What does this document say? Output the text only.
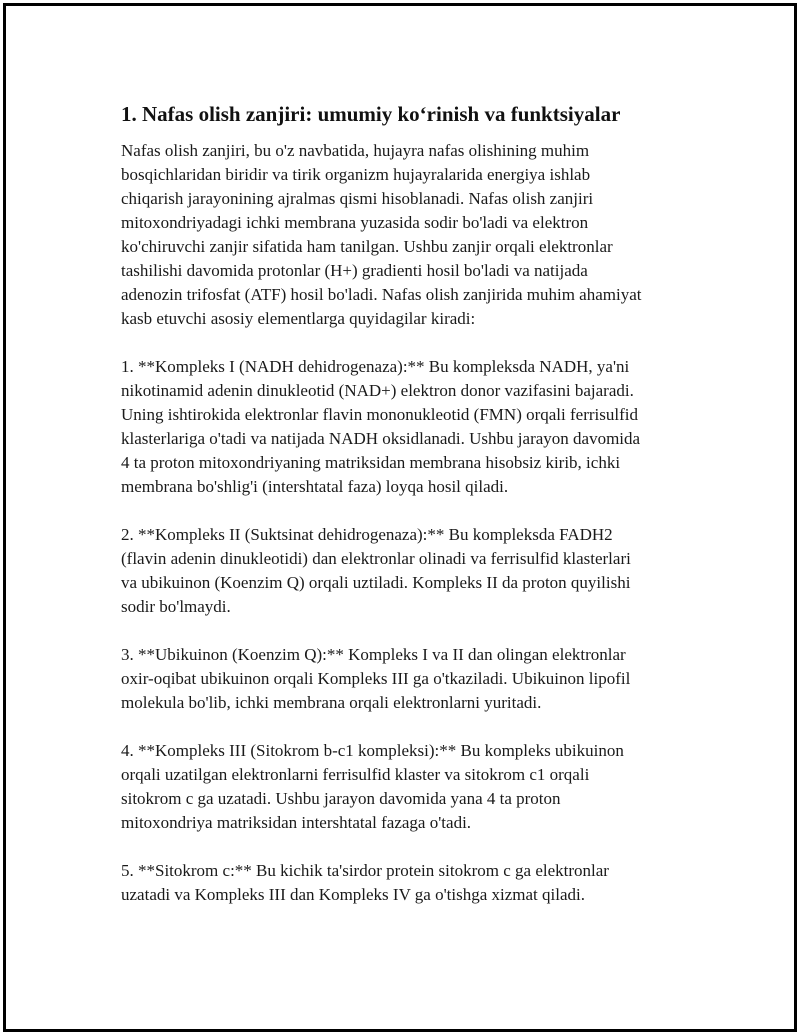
1. Nafas olish zanjiri: umumiy ko‘rinish va funktsiyalar

Nafas olish zanjiri, bu o'z navbatida, hujayra nafas olishining muhim
bosqichlaridan biridir va tirik organizm hujayralarida energiya ishlab
chiqarish jarayonining ajralmas qismi hisoblanadi. Nafas olish zanjiri
mitoxondriyadagi ichki membrana yuzasida sodir bo'ladi va elektron
ko'chiruvchi zanjir sifatida ham tanilgan. Ushbu zanjir orqali elektronlar
tashilishi davomida protonlar (H+) gradienti hosil bo'ladi va natijada
adenozin trifosfat (ATF) hosil bo'ladi. Nafas olish zanjirida muhim ahamiyat
kasb etuvchi asosiy elementlarga quyidagilar kiradi:

1. **Kompleks I (NADH dehidrogenaza):** Bu kompleksda NADH, ya'ni
nikotinamid adenin dinukleotid (NAD+) elektron donor vazifasini bajaradi.
Uning ishtirokida elektronlar flavin mononukleotid (FMN) orqali ferrisulfid
klasterlariga o'tadi va natijada NADH oksidlanadi. Ushbu jarayon davomida
4 ta proton mitoxondriyaning matriksidan membrana hisobsiz kirib, ichki
membrana bo'shlig'i (intershtatal faza) loyqa hosil qiladi.

2. **Kompleks II (Suktsinat dehidrogenaza):** Bu kompleksda FADH2
(flavin adenin dinukleotidi) dan elektronlar olinadi va ferrisulfid klasterlari
va ubikuinon (Koenzim Q) orqali uztiladi. Kompleks II da proton quyilishi
sodir bo'lmaydi.

3. **Ubikuinon (Koenzim Q):** Kompleks I va II dan olingan elektronlar
oxir-oqibat ubikuinon orqali Kompleks III ga o'tkaziladi. Ubikuinon lipofil
molekula bo'lib, ichki membrana orqali elektronlarni yuritadi.

4. **Kompleks III (Sitokrom b-c1 kompleksi):** Bu kompleks ubikuinon
orqali uzatilgan elektronlarni ferrisulfid klaster va sitokrom c1 orqali
sitokrom c ga uzatadi. Ushbu jarayon davomida yana 4 ta proton
mitoxondriya matriksidan intershtatal fazaga o'tadi.

5. **Sitokrom c:** Bu kichik ta'sirdor protein sitokrom c ga elektronlar
uzatadi va Kompleks III dan Kompleks IV ga o'tishga xizmat qiladi.
